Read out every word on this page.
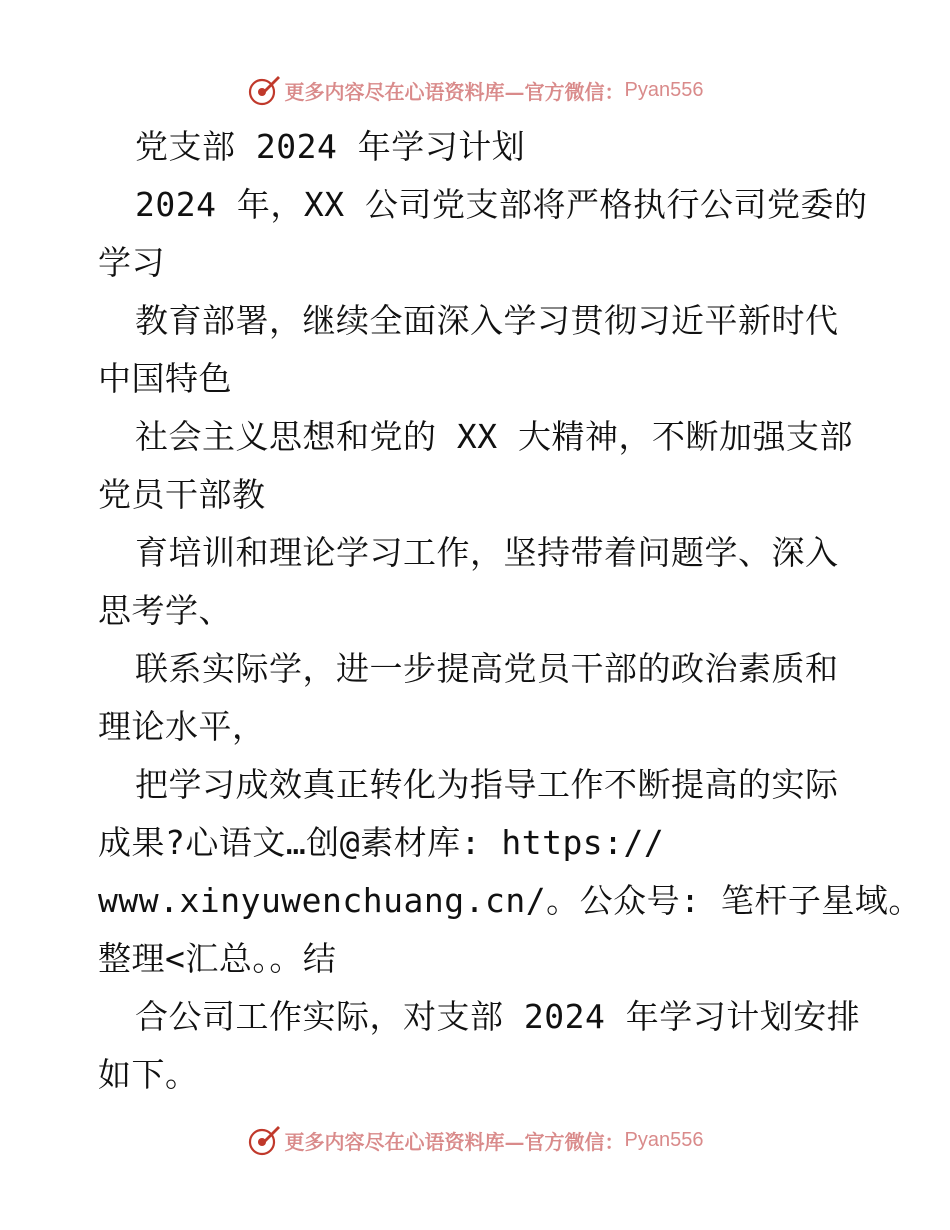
更多内容尽在心语资料库—官方微信： Pyan556
党支部 2024 年学习计划
2024 年，XX 公司党支部将严格执行公司党委的
学习
教育部署，继续全面深入学习贯彻习近平新时代
中国特色
社会主义思想和党的 XX 大精神，不断加强支部
党员干部教
育培训和理论学习工作，坚持带着问题学、深入
思考学、
联系实际学，进一步提高党员干部的政治素质和
理论水平，
把学习成效真正转化为指导工作不断提高的实际
成果?心语文…创@素材库: https://
www.xinyuwenchuang.cn/。公众号: 笔杆子星域。
整理<汇总。。结
合公司工作实际，对支部 2024 年学习计划安排
如下。
更多内容尽在心语资料库—官方微信： Pyan556
